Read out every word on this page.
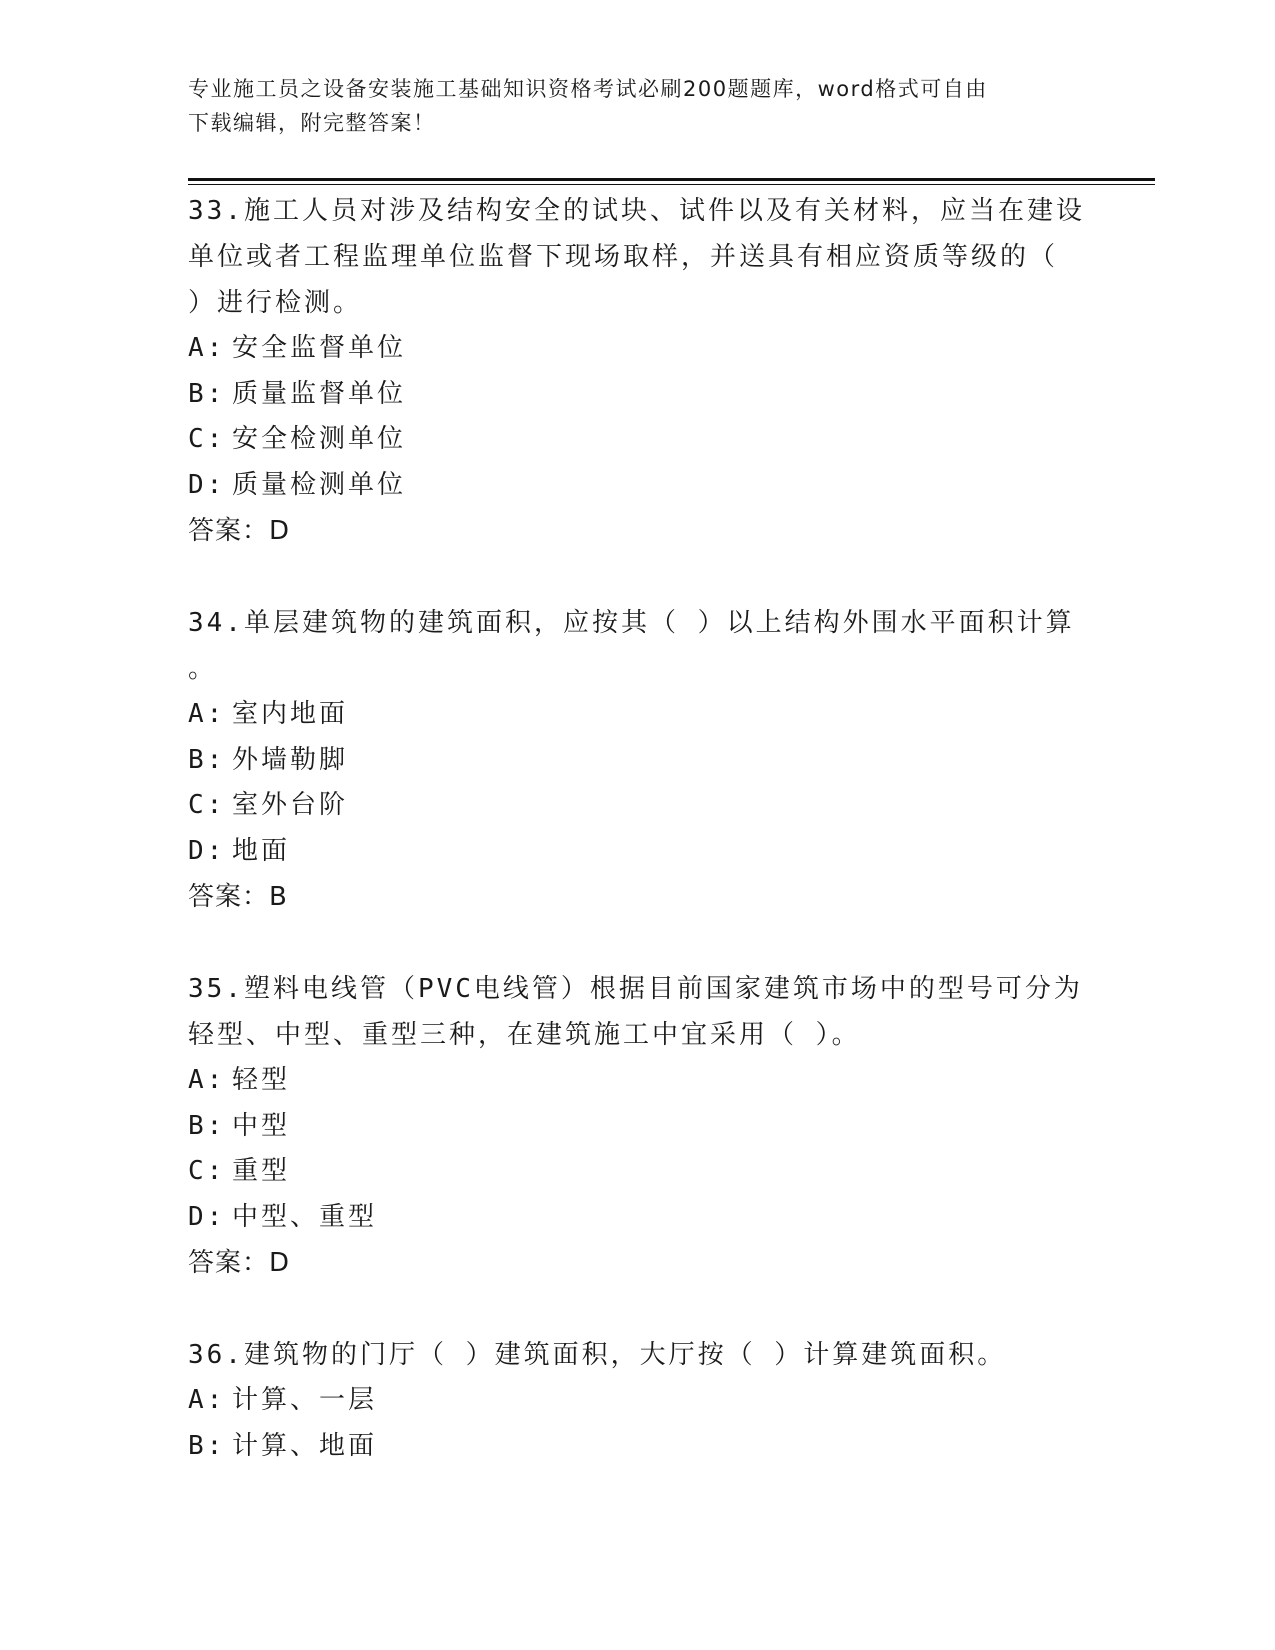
专业施工员之设备安装施工基础知识资格考试必刷200题题库，word格式可自由
下载编辑，附完整答案！
33.施工人员对涉及结构安全的试块、试件以及有关材料，应当在建设
单位或者工程监理单位监督下现场取样，并送具有相应资质等级的（
）进行检测。
A: 安全监督单位
B: 质量监督单位
C: 安全检测单位
D: 质量检测单位
答案：D
34.单层建筑物的建筑面积，应按其（ ）以上结构外围水平面积计算
。
A: 室内地面
B: 外墙勒脚
C: 室外台阶
D: 地面
答案：B
35.塑料电线管（PVC电线管）根据目前国家建筑市场中的型号可分为
轻型、中型、重型三种，在建筑施工中宜采用（ ）。
A: 轻型
B: 中型
C: 重型
D: 中型、重型
答案：D
36.建筑物的门厅（ ）建筑面积，大厅按（ ）计算建筑面积。
A: 计算、一层
B: 计算、地面
